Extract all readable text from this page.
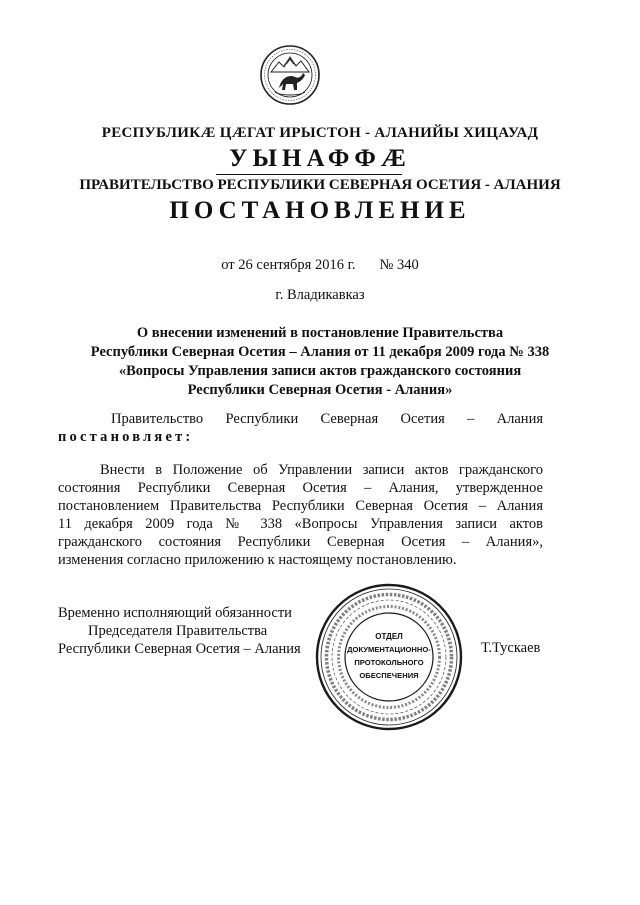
РЕСПУБЛИКÆ ЦÆГАТ ИРЫСТОН - АЛАНИЙЫ ХИЦАУАД
УЫНАФФÆ
ПРАВИТЕЛЬСТВО РЕСПУБЛИКИ СЕВЕРНАЯ ОСЕТИЯ - АЛАНИЯ
ПОСТАНОВЛЕНИЕ
от 26 сентября 2016 г. № 340
г. Владикавказ
О внесении изменений в постановление Правительства
Республики Северная Осетия – Алания от 11 декабря 2009 года № 338
«Вопросы Управления записи актов гражданского состояния
Республики Северная Осетия - Алания»
Правительство Республики Северная Осетия – Алания
постановляет:
Внести в Положение об Управлении записи актов гражданского
состояния Республики Северная Осетия – Алания, утвержденное
постановлением Правительства Республики Северная Осетия – Алания
11 декабря 2009 года № 338 «Вопросы Управления записи актов
гражданского состояния Республики Северная Осетия – Алания»,
изменения согласно приложению к настоящему постановлению.
Временно исполняющий обязанности
Председателя Правительства
Республики Северная Осетия – Алания	Т.Тускаев
ОТДЕЛ
ДОКУМЕНТАЦИОННО-
ПРОТОКОЛЬНОГО
ОБЕСПЕЧЕНИЯ
